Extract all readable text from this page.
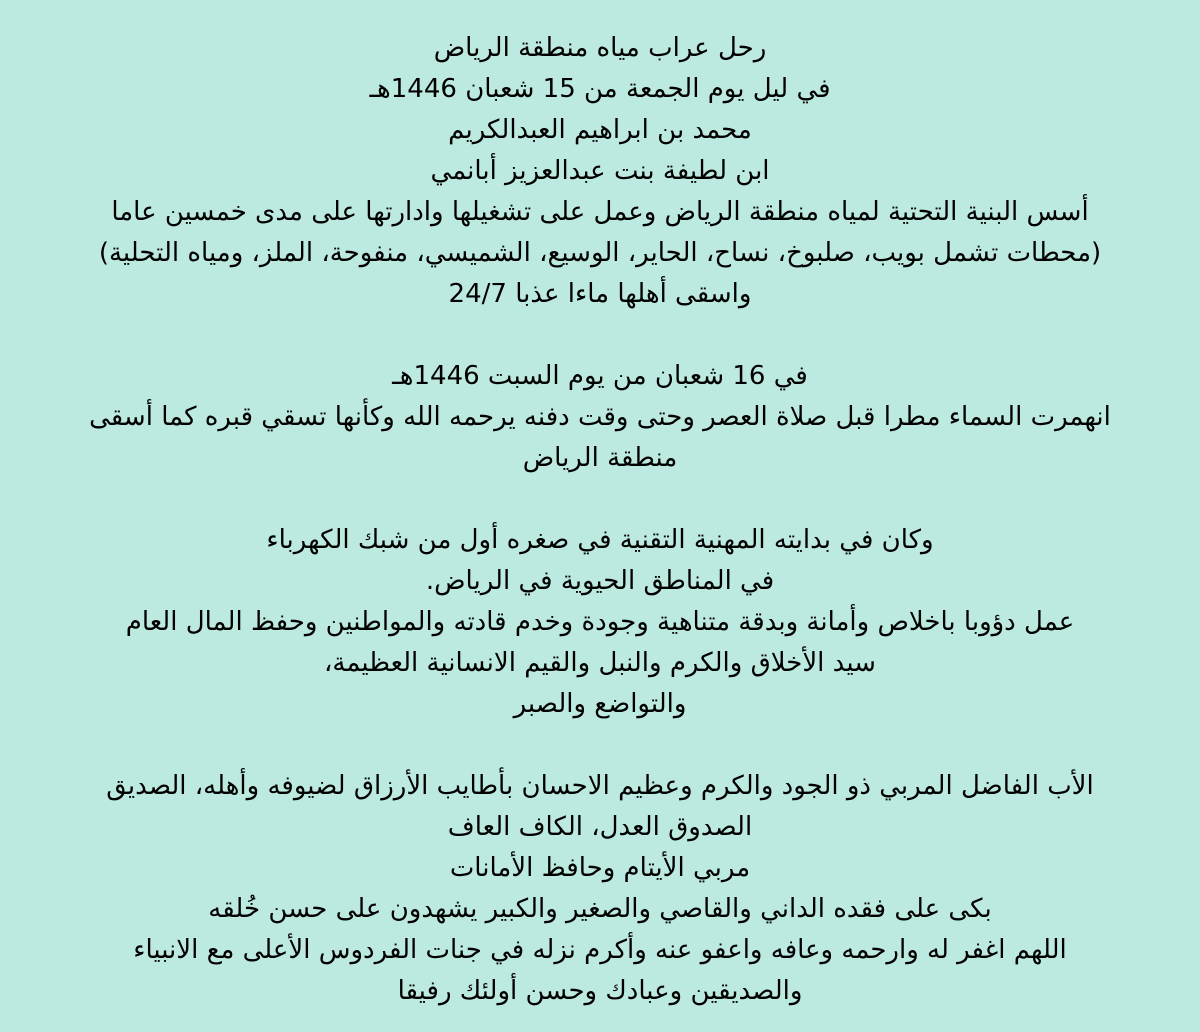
رحل عراب مياه منطقة الرياض
في ليل يوم الجمعة من 15 شعبان 1446هـ
محمد بن ابراهيم العبدالكريم
ابن لطيفة بنت عبدالعزيز أبانمي
أسس البنية التحتية لمياه منطقة الرياض وعمل على تشغيلها وادارتها على مدى خمسين عاما
(محطات تشمل بويب، صلبوخ، نساح، الحاير، الوسيع، الشميسي، منفوحة، الملز، ومياه التحلية)
واسقى أهلها ماءا عذبا 24/7
في 16 شعبان من يوم السبت 1446هـ
انهمرت السماء مطرا قبل صلاة العصر وحتى وقت دفنه يرحمه الله وكأنها تسقي قبره كما أسقى
منطقة الرياض
وكان في بدايته المهنية التقنية في صغره أول من شبك الكهرباء
في المناطق الحيوية في الرياض.
عمل دؤوبا باخلاص وأمانة وبدقة متناهية وجودة وخدم قادته والمواطنين وحفظ المال العام
سيد الأخلاق والكرم والنبل والقيم الانسانية العظيمة،
والتواضع والصبر
الأب الفاضل المربي ذو الجود والكرم وعظيم الاحسان بأطايب الأرزاق لضيوفه وأهله، الصديق
الصدوق العدل، الكاف العاف
مربي الأيتام وحافظ الأمانات
بكى على فقده الداني والقاصي والصغير والكبير يشهدون على حسن خُلقه
اللهم اغفر له وارحمه وعافه واعفو عنه وأكرم نزله في جنات الفردوس الأعلى مع الانبياء
والصديقين وعبادك وحسن أولئك رفيقا
